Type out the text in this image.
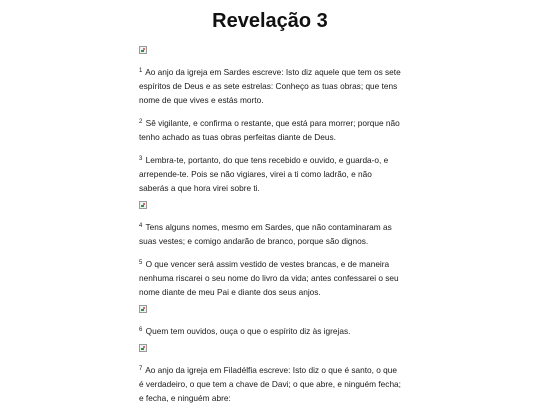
Revelação 3

$^1$ Ao anjo da igreja em Sardes escreve: Isto diz aquele que tem os sete espíritos de Deus e as sete estrelas: Conheço as tuas obras; que tens nome de que vives e estás morto.

$^2$ Sê vigilante, e confirma o restante, que está para morrer; porque não tenho achado as tuas obras perfeitas diante de Deus.

$^3$ Lembra-te, portanto, do que tens recebido e ouvido, e guarda-o, e arrepende-te. Pois se não vigiares, virei a ti como ladrão, e não saberás a que hora virei sobre ti.

$^4$ Tens alguns nomes, mesmo em Sardes, que não contaminaram as suas vestes; e comigo andarão de branco, porque são dignos.

$^5$ O que vencer será assim vestido de vestes brancas, e de maneira nenhuma riscarei o seu nome do livro da vida; antes confessarei o seu nome diante de meu Pai e diante dos seus anjos.

$^6$ Quem tem ouvidos, ouça o que o espírito diz às igrejas.

$^7$ Ao anjo da igreja em Filadélfia escreve: Isto diz o que é santo, o que é verdadeiro, o que tem a chave de Davi; o que abre, e ninguém fecha; e fecha, e ninguém abre:
